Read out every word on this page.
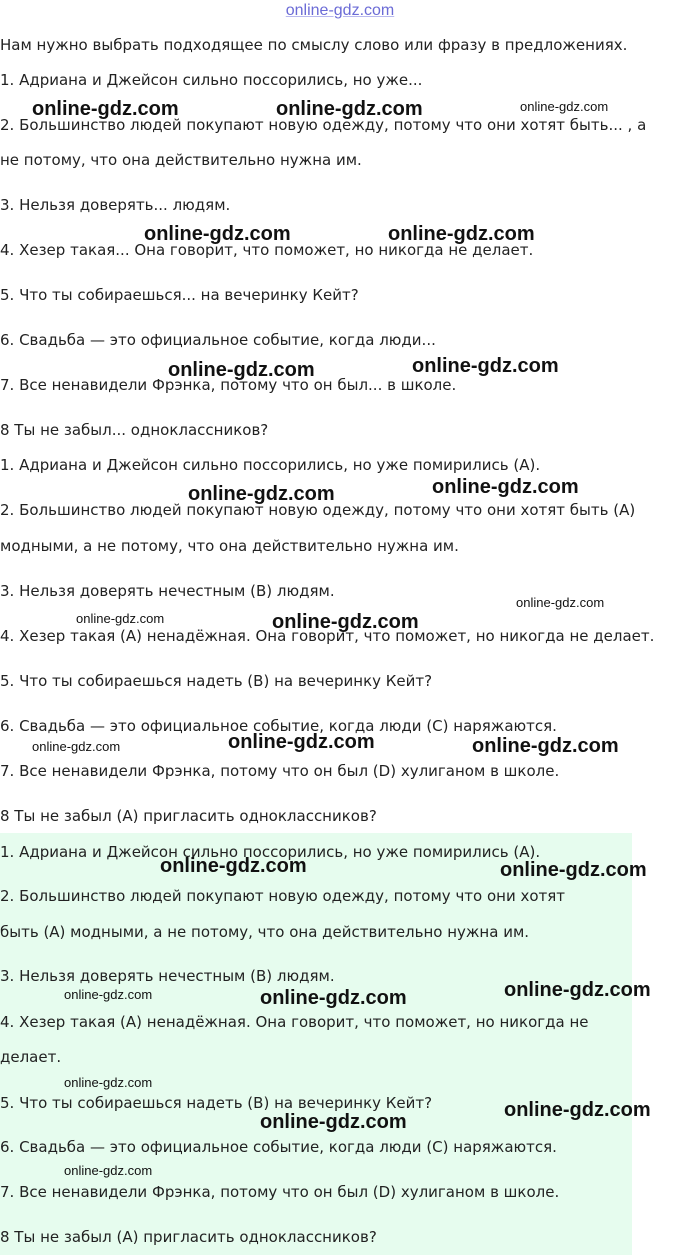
online-gdz.com
Нам нужно выбрать подходящее по смыслу слово или фразу в предложениях.
1. Адриана и Джейсон сильно поссорились, но уже...
2. Большинство людей покупают новую одежду, потому что они хотят быть... , а
не потому, что она действительно нужна им.
3. Нельзя доверять... людям.
4. Хезер такая... Она говорит, что поможет, но никогда не делает.
5. Что ты собираешься... на вечеринку Кейт?
6. Свадьба — это официальное событие, когда люди...
7. Все ненавидели Фрэнка, потому что он был... в школе.
8 Ты не забыл... одноклассников?
1. Адриана и Джейсон сильно поссорились, но уже помирились (A).
2. Большинство людей покупают новую одежду, потому что они хотят быть (A)
модными, а не потому, что она действительно нужна им.
3. Нельзя доверять нечестным (B) людям.
4. Хезер такая (A) ненадёжная. Она говорит, что поможет, но никогда не делает.
5. Что ты собираешься надеть (B) на вечеринку Кейт?
6. Свадьба — это официальное событие, когда люди (C) наряжаются.
7. Все ненавидели Фрэнка, потому что он был (D) хулиганом в школе.
8 Ты не забыл (A) пригласить одноклассников?
1. Адриана и Джейсон сильно поссорились, но уже помирились (A).
2. Большинство людей покупают новую одежду, потому что они хотят
быть (A) модными, а не потому, что она действительно нужна им.
3. Нельзя доверять нечестным (B) людям.
4. Хезер такая (A) ненадёжная. Она говорит, что поможет, но никогда не
делает.
5. Что ты собираешься надеть (B) на вечеринку Кейт?
6. Свадьба — это официальное событие, когда люди (C) наряжаются.
7. Все ненавидели Фрэнка, потому что он был (D) хулиганом в школе.
8 Ты не забыл (A) пригласить одноклассников?
online-gdz.com	online-gdz.com	online-gdz.com
online-gdz.com	online-gdz.com
online-gdz.com	online-gdz.com
online-gdz.com	online-gdz.com
online-gdz.com	online-gdz.com
online-gdz.com
online-gdz.com	online-gdz.com	online-gdz.com
online-gdz.com	online-gdz.com
online-gdz.com	online-gdz.com	online-gdz.com
online-gdz.com
online-gdz.com
online-gdz.com
online-gdz.com
